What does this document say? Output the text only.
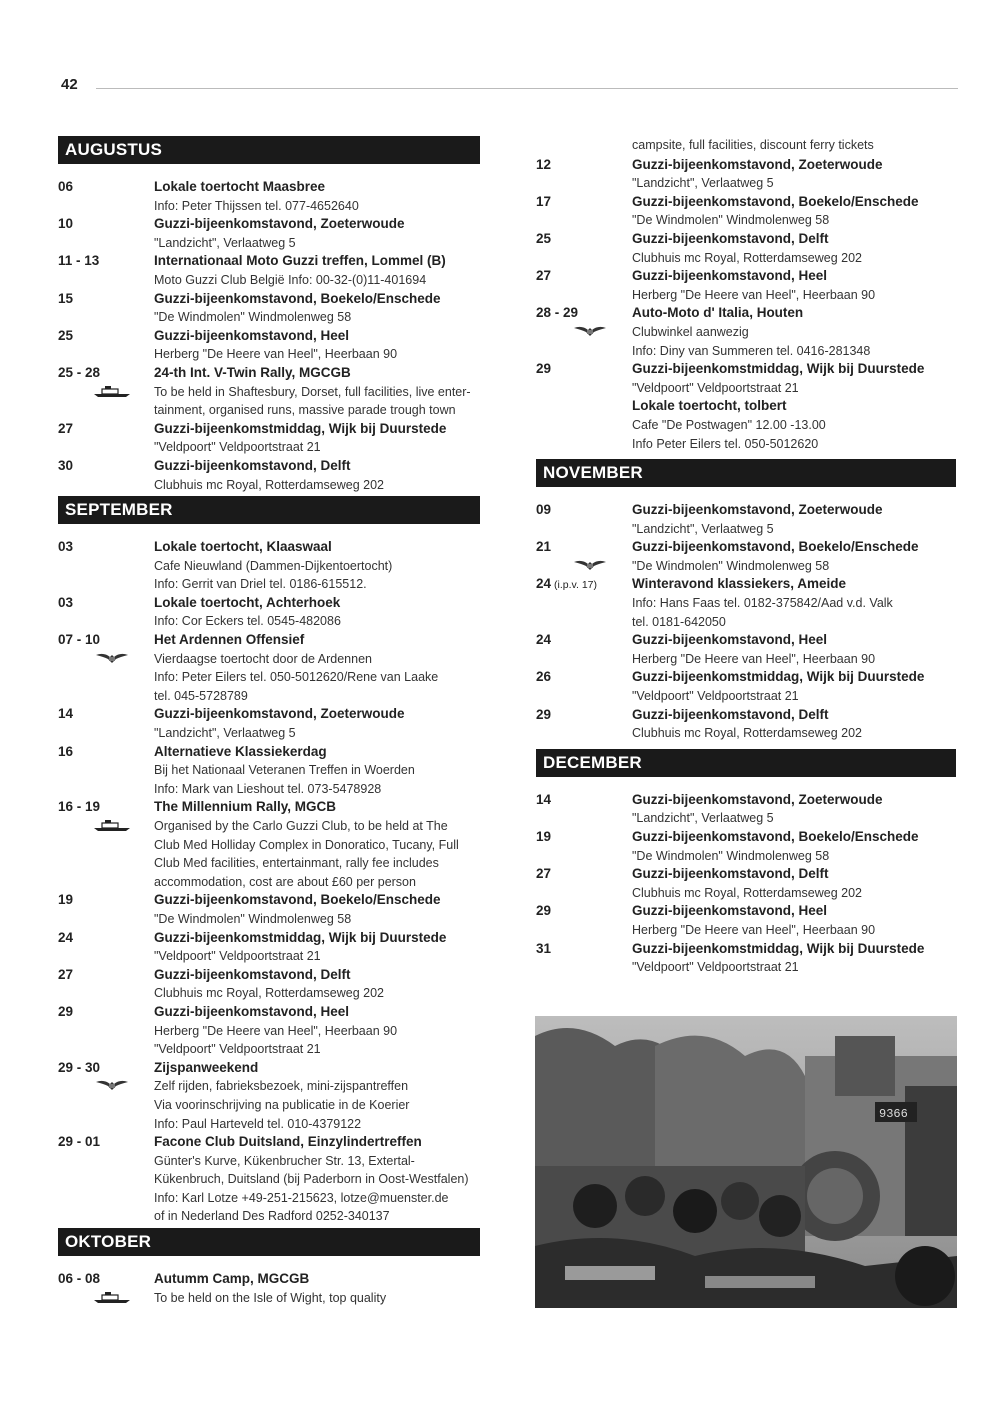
42
AUGUSTUS
06	Lokale toertocht Maasbree
Info: Peter Thijssen tel. 077-4652640
10	Guzzi-bijeenkomstavond, Zoeterwoude
"Landzicht", Verlaatweg 5
11 - 13	Internationaal Moto Guzzi treffen, Lommel (B)
Moto Guzzi Club België Info: 00-32-(0)11-401694
15	Guzzi-bijeenkomstavond, Boekelo/Enschede
"De Windmolen" Windmolenweg 58
25	Guzzi-bijeenkomstavond, Heel
Herberg "De Heere van Heel", Heerbaan 90
25 - 28	24-th Int. V-Twin Rally, MGCGB
To be held in Shaftesbury, Dorset, full facilities, live enter-
tainment, organised runs, massive parade trough town
27	Guzzi-bijeenkomstmiddag, Wijk bij Duurstede
"Veldpoort" Veldpoortstraat 21
30	Guzzi-bijeenkomstavond, Delft
Clubhuis mc Royal, Rotterdamseweg 202
SEPTEMBER
03	Lokale toertocht, Klaaswaal
Cafe Nieuwland (Dammen-Dijkentoertocht)
Info: Gerrit van Driel tel. 0186-615512.
03	Lokale toertocht, Achterhoek
Info: Cor Eckers tel. 0545-482086
07 - 10	Het Ardennen Offensief
Vierdaagse toertocht door de Ardennen
Info: Peter Eilers tel. 050-5012620/Rene van Laake
tel. 045-5728789
14	Guzzi-bijeenkomstavond, Zoeterwoude
"Landzicht", Verlaatweg 5
16	Alternatieve Klassiekerdag
Bij het Nationaal Veteranen Treffen in Woerden
Info: Mark van Lieshout tel. 073-5478928
16 - 19	The Millennium Rally, MGCB
Organised by the Carlo Guzzi Club, to be held at The
Club Med Holliday Complex in Donoratico, Tucany, Full
Club Med facilities, entertainmant, rally fee includes
accommodation, cost are about £60 per person
19	Guzzi-bijeenkomstavond, Boekelo/Enschede
"De Windmolen" Windmolenweg 58
24	Guzzi-bijeenkomstmiddag, Wijk bij Duurstede
"Veldpoort" Veldpoortstraat 21
27	Guzzi-bijeenkomstavond, Delft
Clubhuis mc Royal, Rotterdamseweg 202
29	Guzzi-bijeenkomstavond, Heel
Herberg "De Heere van Heel", Heerbaan 90
"Veldpoort" Veldpoortstraat 21
29 - 30	Zijspanweekend
Zelf rijden, fabrieksbezoek, mini-zijspantreffen
Via voorinschrijving na publicatie in de Koerier
Info: Paul Harteveld tel. 010-4379122
29 - 01	Facone Club Duitsland, Einzylindertreffen
Günter's Kurve, Kükenbrucher Str. 13, Extertal-
Kükenbruch, Duitsland (bij Paderborn in Oost-Westfalen)
Info: Karl Lotze +49-251-215623, lotze@muenster.de
of in Nederland Des Radford 0252-340137
OKTOBER
06 - 08	Autumm Camp, MGCGB
To be held on the Isle of Wight, top quality
campsite, full facilities, discount ferry tickets
12	Guzzi-bijeenkomstavond, Zoeterwoude
"Landzicht", Verlaatweg 5
17	Guzzi-bijeenkomstavond, Boekelo/Enschede
"De Windmolen" Windmolenweg 58
25	Guzzi-bijeenkomstavond, Delft
Clubhuis mc Royal, Rotterdamseweg 202
27	Guzzi-bijeenkomstavond, Heel
Herberg "De Heere van Heel", Heerbaan 90
28 - 29	Auto-Moto d' Italia, Houten
Clubwinkel aanwezig
Info: Diny van Summeren tel. 0416-281348
29	Guzzi-bijeenkomstmiddag, Wijk bij Duurstede
"Veldpoort" Veldpoortstraat 21
Lokale toertocht, tolbert
Cafe "De Postwagen" 12.00 -13.00
Info Peter Eilers tel. 050-5012620
NOVEMBER
09	Guzzi-bijeenkomstavond, Zoeterwoude
"Landzicht", Verlaatweg 5
21	Guzzi-bijeenkomstavond, Boekelo/Enschede
"De Windmolen" Windmolenweg 58
24 (i.p.v. 17)	Winteravond klassiekers, Ameide
Info: Hans Faas tel. 0182-375842/Aad v.d. Valk
tel. 0181-642050
24	Guzzi-bijeenkomstavond, Heel
Herberg "De Heere van Heel", Heerbaan 90
26	Guzzi-bijeenkomstmiddag, Wijk bij Duurstede
"Veldpoort" Veldpoortstraat 21
29	Guzzi-bijeenkomstavond, Delft
Clubhuis mc Royal, Rotterdamseweg 202
DECEMBER
14	Guzzi-bijeenkomstavond, Zoeterwoude
"Landzicht", Verlaatweg 5
19	Guzzi-bijeenkomstavond, Boekelo/Enschede
"De Windmolen" Windmolenweg 58
27	Guzzi-bijeenkomstavond, Delft
Clubhuis mc Royal, Rotterdamseweg 202
29	Guzzi-bijeenkomstavond, Heel
Herberg "De Heere van Heel", Heerbaan 90
31	Guzzi-bijeenkomstmiddag, Wijk bij Duurstede
"Veldpoort" Veldpoortstraat 21
9366
